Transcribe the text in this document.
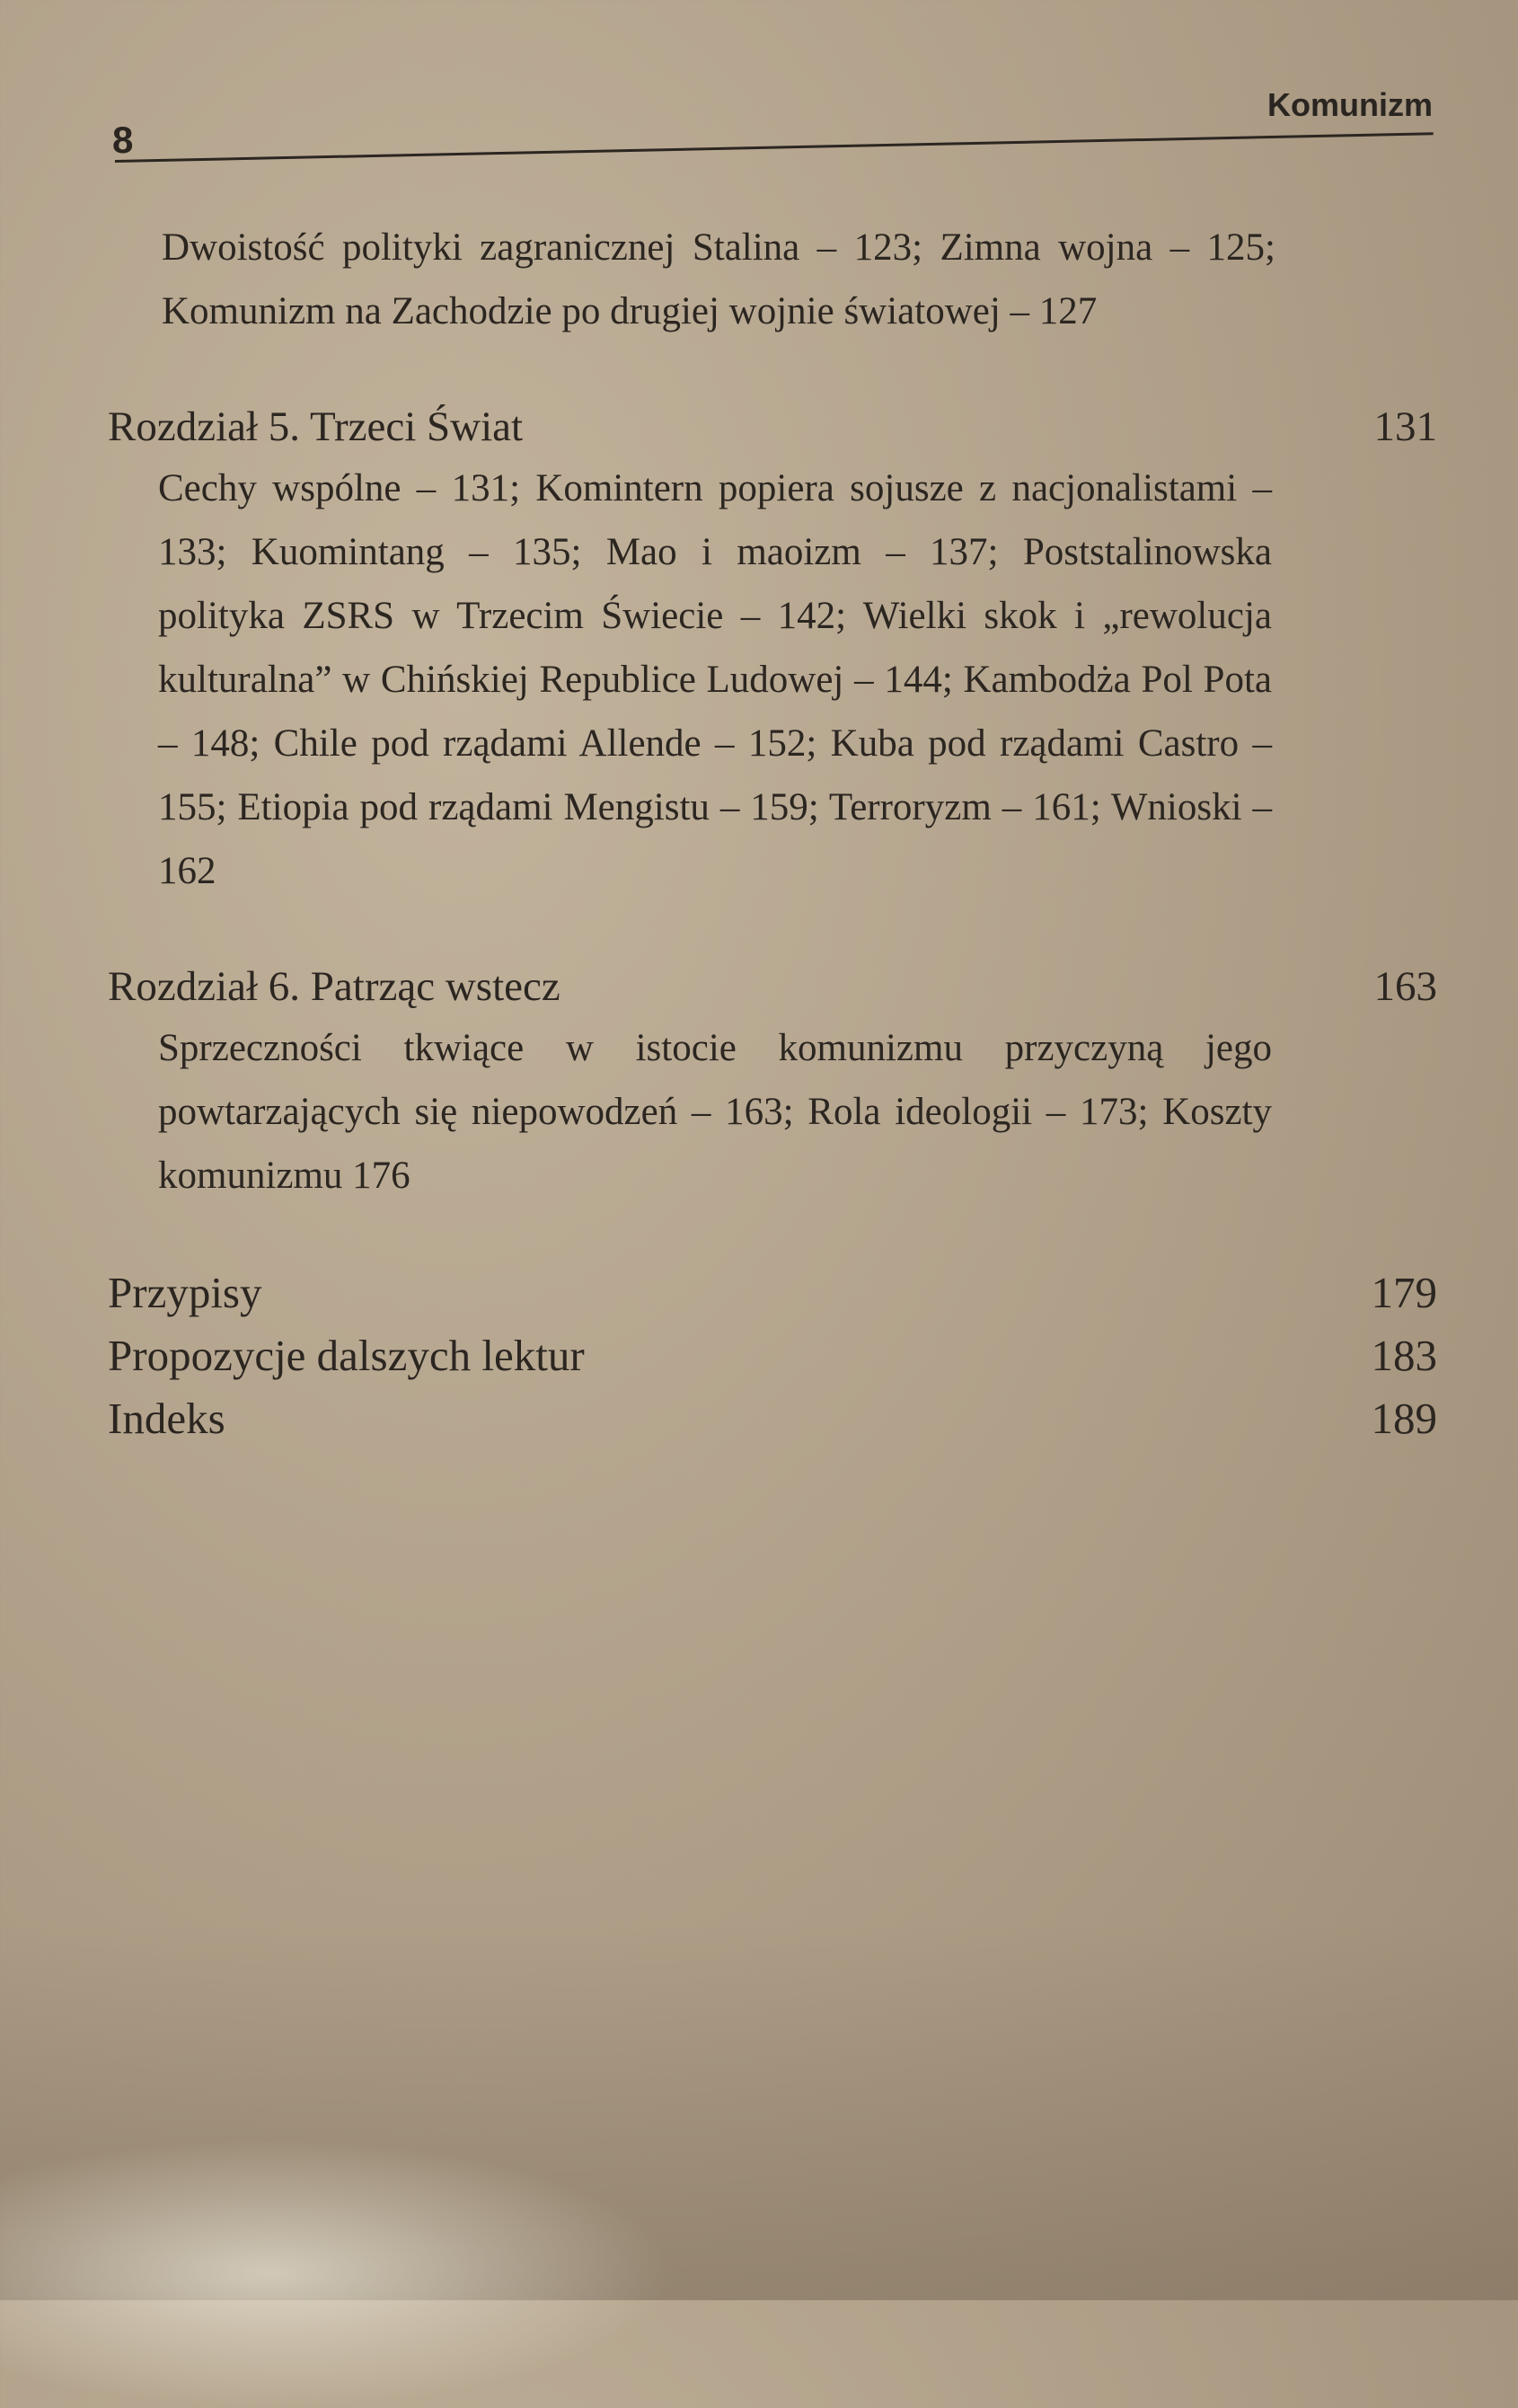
8
Komunizm
Dwoistość polityki zagranicznej Stalina – 123; Zimna wojna – 125; Komunizm na Zachodzie po drugiej wojnie światowej – 127
Rozdział 5. Trzeci Świat	131
Cechy wspólne – 131; Komintern popiera sojusze z nacjonalistami – 133; Kuomintang – 135; Mao i maoizm – 137; Poststalinowska polityka ZSRS w Trzecim Świecie – 142; Wielki skok i „rewolucja kulturalna” w Chińskiej Republice Ludowej – 144; Kambodża Pol Pota – 148; Chile pod rządami Allende – 152; Kuba pod rządami Castro – 155; Etiopia pod rządami Mengistu – 159; Terroryzm – 161; Wnioski – 162
Rozdział 6. Patrząc wstecz	163
Sprzeczności tkwiące w istocie komunizmu przyczyną jego powtarzających się niepowodzeń – 163; Rola ideologii – 173; Koszty komunizmu 176
Przypisy	179
Propozycje dalszych lektur	183
Indeks	189
